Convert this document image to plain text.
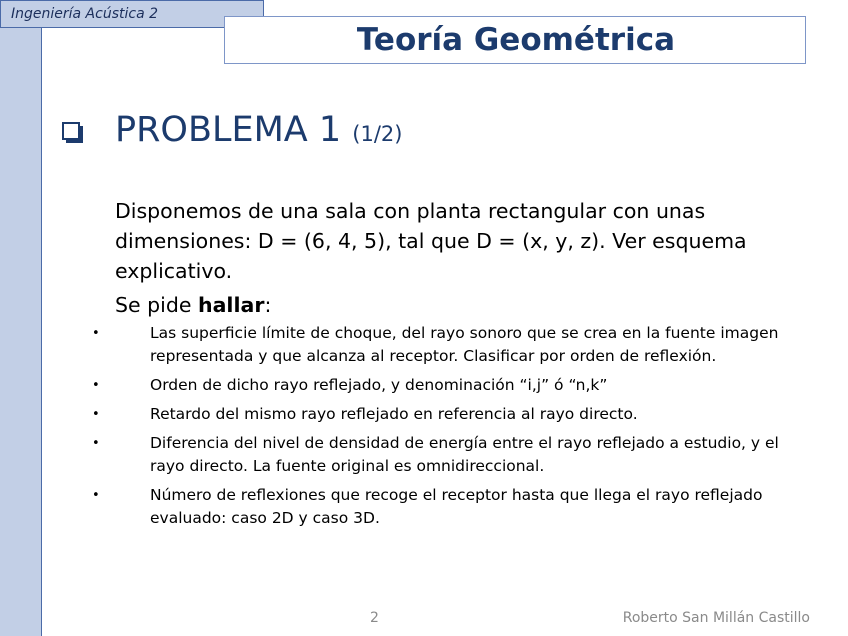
Ingeniería Acústica 2
Teoría Geométrica
PROBLEMA 1 (1/2)

Disponemos de una sala con planta rectangular con unas dimensiones: D = (6, 4, 5), tal que D = (x, y, z). Ver esquema explicativo.

Se pide hallar:

•	Las superficie límite de choque, del rayo sonoro que se crea en la fuente imagen representada y que alcanza al receptor. Clasificar por orden de reflexión.
•	Orden de dicho rayo reflejado, y denominación “i,j” ó “n,k”
•	Retardo del mismo rayo reflejado en referencia al rayo directo.
•	Diferencia del nivel de densidad de energía entre el rayo reflejado a estudio, y el rayo directo. La fuente original es omnidireccional.
•	Número de reflexiones que recoge el receptor hasta que llega el rayo reflejado evaluado: caso 2D y caso 3D.
2	Roberto San Millán Castillo
